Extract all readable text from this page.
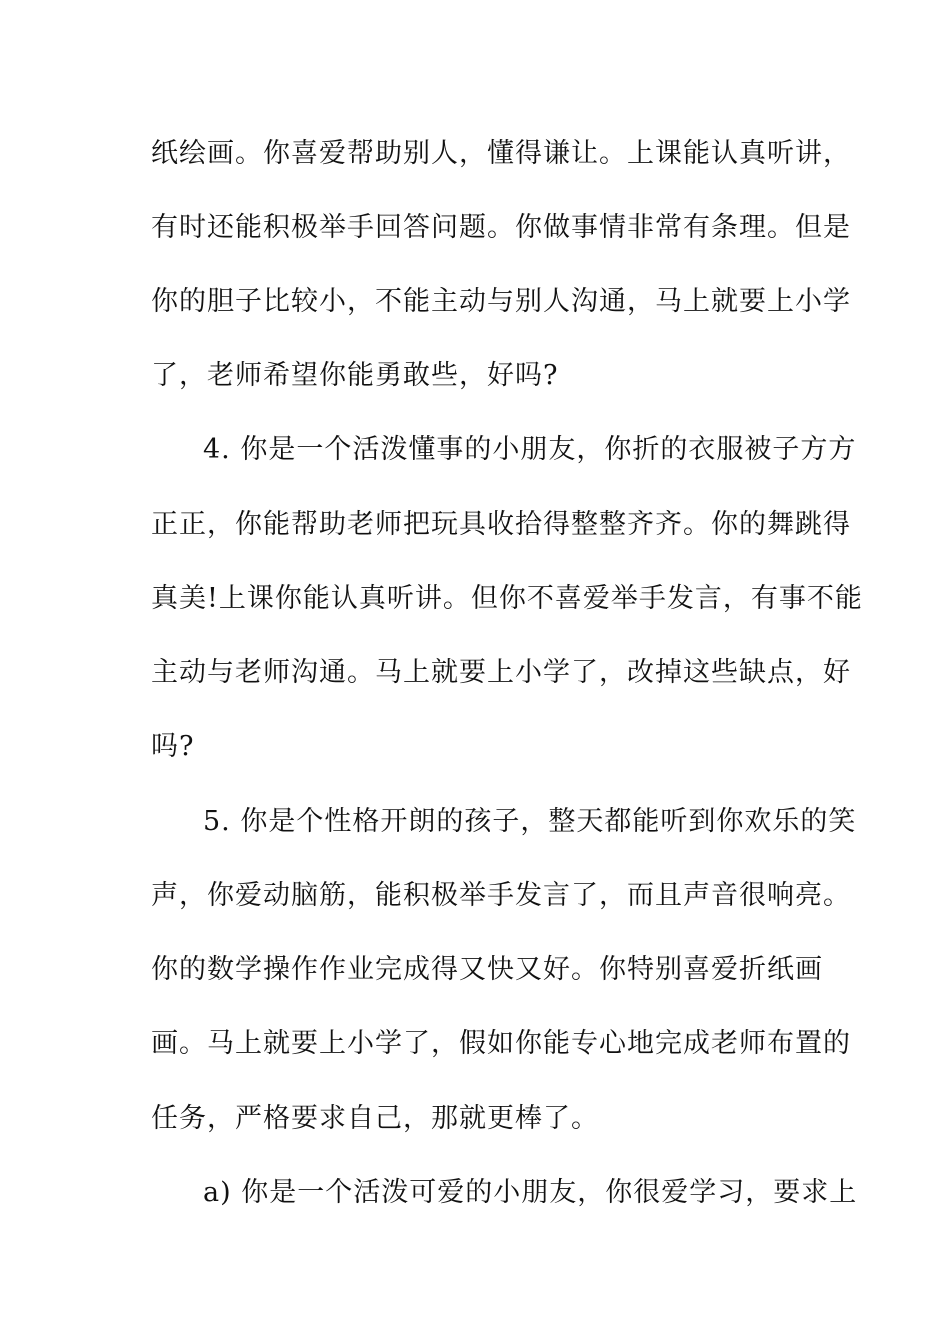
纸绘画。你喜爱帮助别人，懂得谦让。上课能认真听讲，
有时还能积极举手回答问题。你做事情非常有条理。但是
你的胆子比较小，不能主动与别人沟通，马上就要上小学
了，老师希望你能勇敢些，好吗?
4. 你是一个活泼懂事的小朋友，你折的衣服被子方方
正正，你能帮助老师把玩具收拾得整整齐齐。你的舞跳得
真美!上课你能认真听讲。但你不喜爱举手发言，有事不能
主动与老师沟通。马上就要上小学了，改掉这些缺点，好
吗?
5. 你是个性格开朗的孩子，整天都能听到你欢乐的笑
声，你爱动脑筋，能积极举手发言了，而且声音很响亮。
你的数学操作作业完成得又快又好。你特别喜爱折纸画
画。马上就要上小学了，假如你能专心地完成老师布置的
任务，严格要求自己，那就更棒了。
a) 你是一个活泼可爱的小朋友，你很爱学习，要求上
